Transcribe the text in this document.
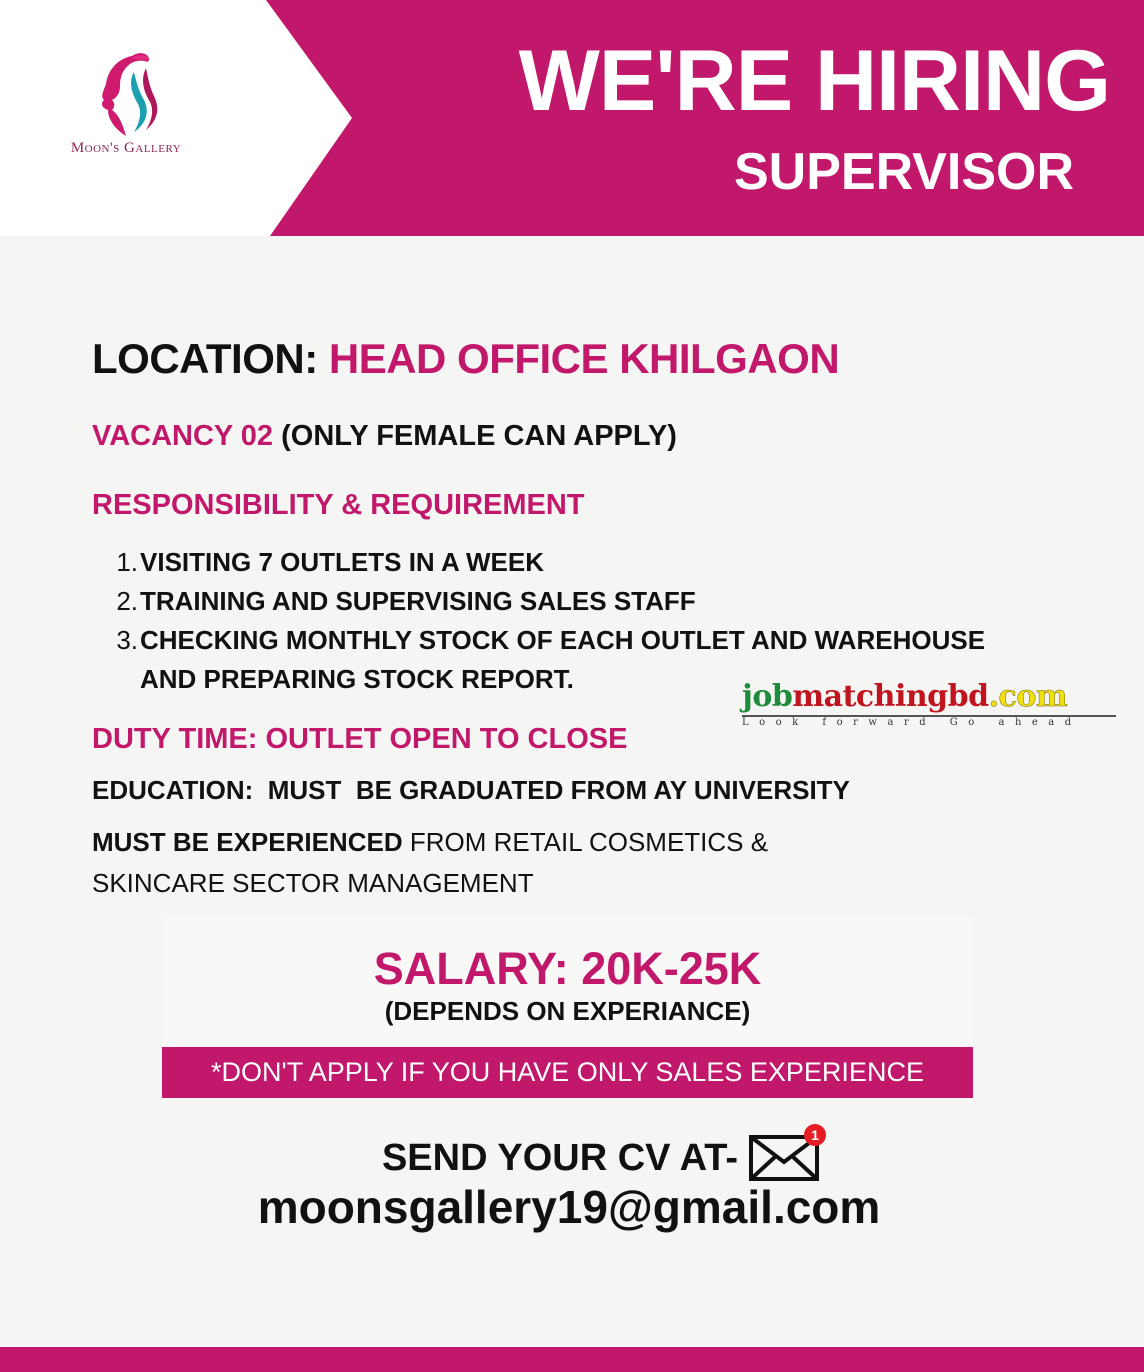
Moon's Gallery
WE'RE HIRING
SUPERVISOR
LOCATION: HEAD OFFICE KHILGAON
VACANCY 02 (ONLY FEMALE CAN APPLY)
RESPONSIBILITY & REQUIREMENT
1. VISITING 7 OUTLETS IN A WEEK
2. TRAINING AND SUPERVISING SALES STAFF
3. CHECKING MONTHLY STOCK OF EACH OUTLET AND WAREHOUSE
AND PREPARING STOCK REPORT.	jobmatchingbd.com
Look forward Go ahead
DUTY TIME: OUTLET OPEN TO CLOSE
EDUCATION:  MUST  BE GRADUATED FROM AY UNIVERSITY
MUST BE EXPERIENCED FROM RETAIL COSMETICS & SKINCARE SECTOR MANAGEMENT
SALARY: 20K-25K
(DEPENDS ON EXPERIANCE)
*DON'T APPLY IF YOU HAVE ONLY SALES EXPERIENCE
SEND YOUR CV AT-
1
moonsgallery19@gmail.com
